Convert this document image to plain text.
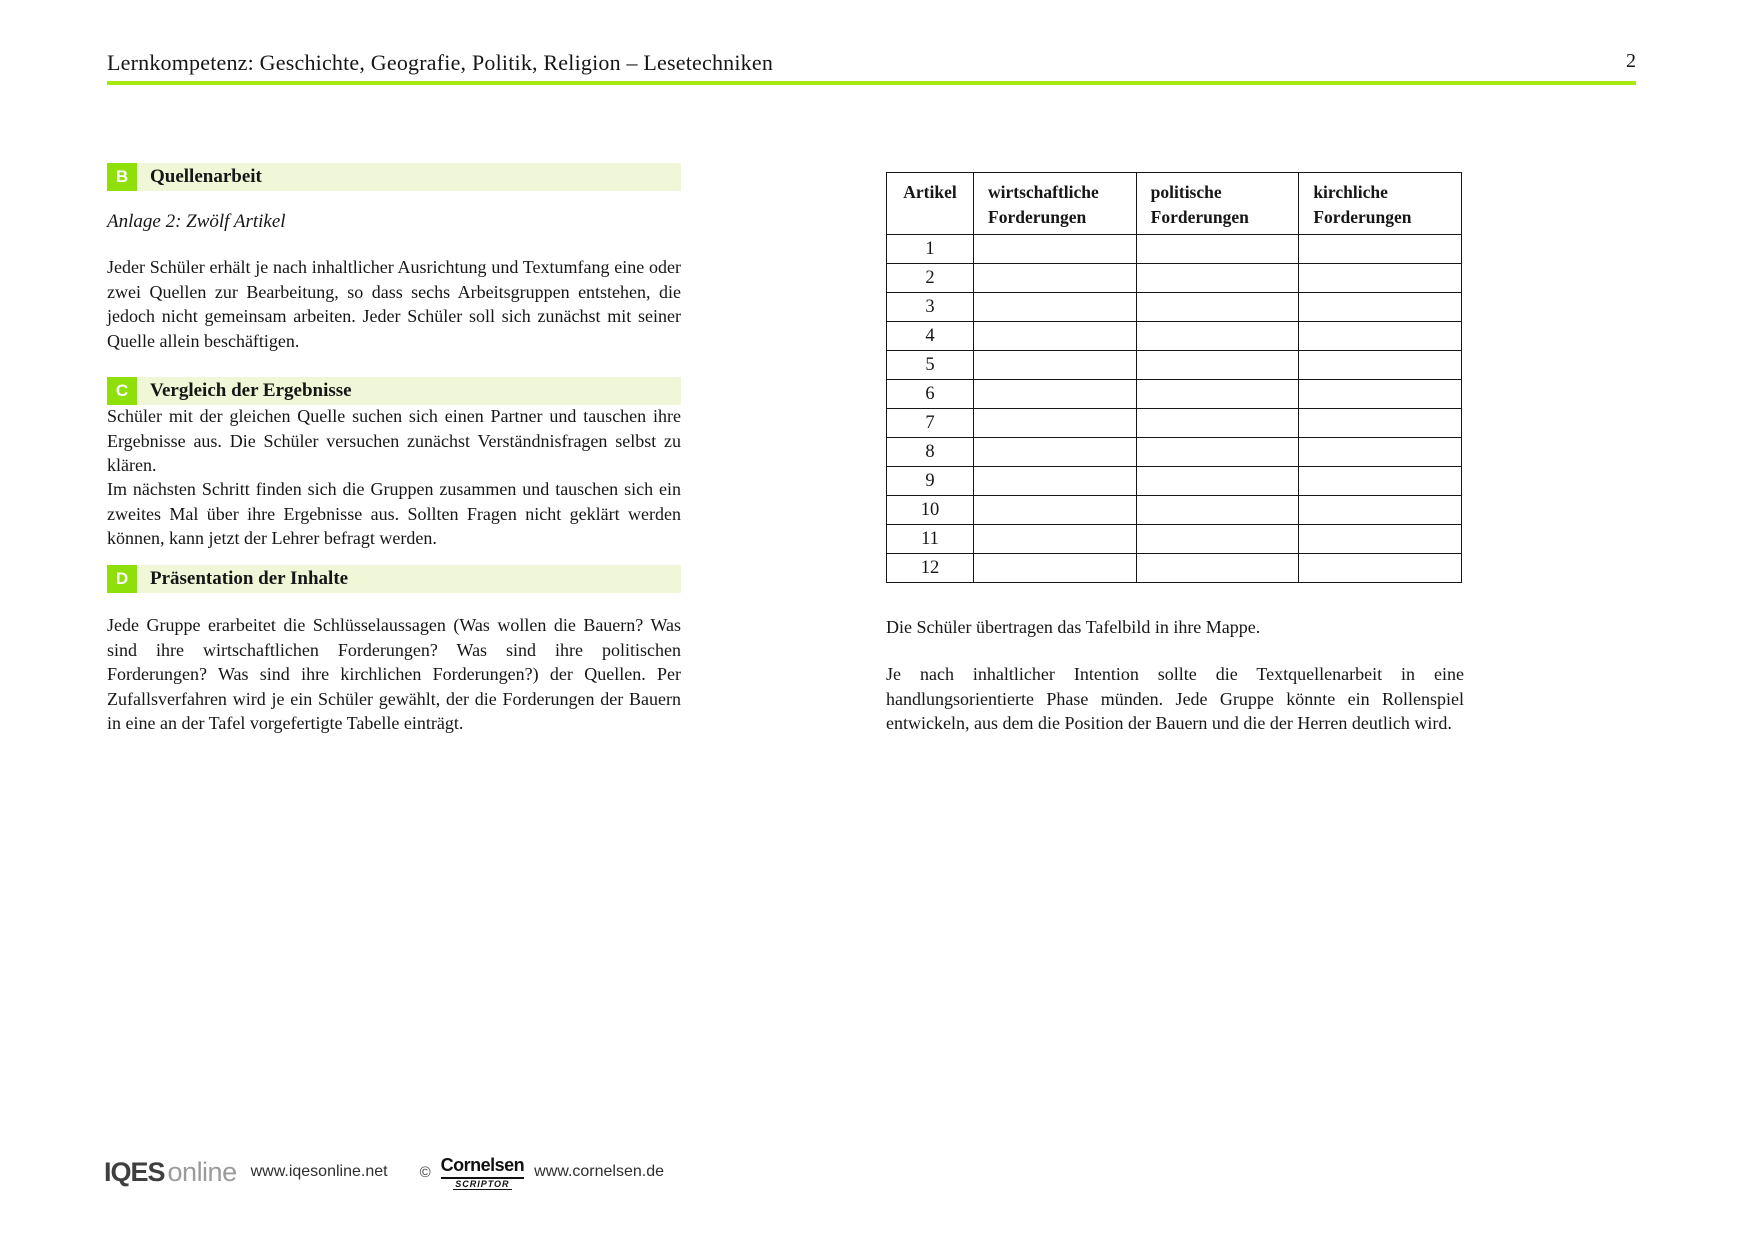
Lernkompetenz: Geschichte, Geografie, Politik, Religion – Lesetechniken	2
B	Quellenarbeit

Anlage 2: Zwölf Artikel

Jeder Schüler erhält je nach inhaltlicher Ausrichtung und Textumfang eine oder zwei Quellen zur Bearbeitung, so dass sechs Arbeitsgruppen entstehen, die jedoch nicht gemeinsam arbeiten. Jeder Schüler soll sich zunächst mit seiner Quelle allein beschäftigen.

C	Vergleich der Ergebnisse

Schüler mit der gleichen Quelle suchen sich einen Partner und tauschen ihre Ergebnisse aus. Die Schüler versuchen zunächst Verständnisfragen selbst zu klären.

Im nächsten Schritt finden sich die Gruppen zusammen und tauschen sich ein zweites Mal über ihre Ergebnisse aus. Sollten Fragen nicht geklärt werden können, kann jetzt der Lehrer befragt werden.

D	Präsentation der Inhalte

Jede Gruppe erarbeitet die Schlüsselaussagen (Was wollen die Bauern? Was sind ihre wirtschaftlichen Forderungen? Was sind ihre politischen Forderungen? Was sind ihre kirchlichen Forderungen?) der Quellen. Per Zufallsverfahren wird je ein Schüler gewählt, der die Forderungen der Bauern in eine an der Tafel vorgefertigte Tabelle einträgt.

Artikel	wirtschaftliche Forderungen	politische Forderungen	kirchliche Forderungen
1			
2			
3			
4			
5			
6			
7			
8			
9			
10			
11			
12			

Die Schüler übertragen das Tafelbild in ihre Mappe.

Je nach inhaltlicher Intention sollte die Textquellenarbeit in eine handlungsorientierte Phase münden. Jede Gruppe könnte ein Rollenspiel entwickeln, aus dem die Position der Bauern und die der Herren deutlich wird.

IQES online www.iqesonline.net © Cornelsen
SCRIPTOR
www.cornelsen.de
